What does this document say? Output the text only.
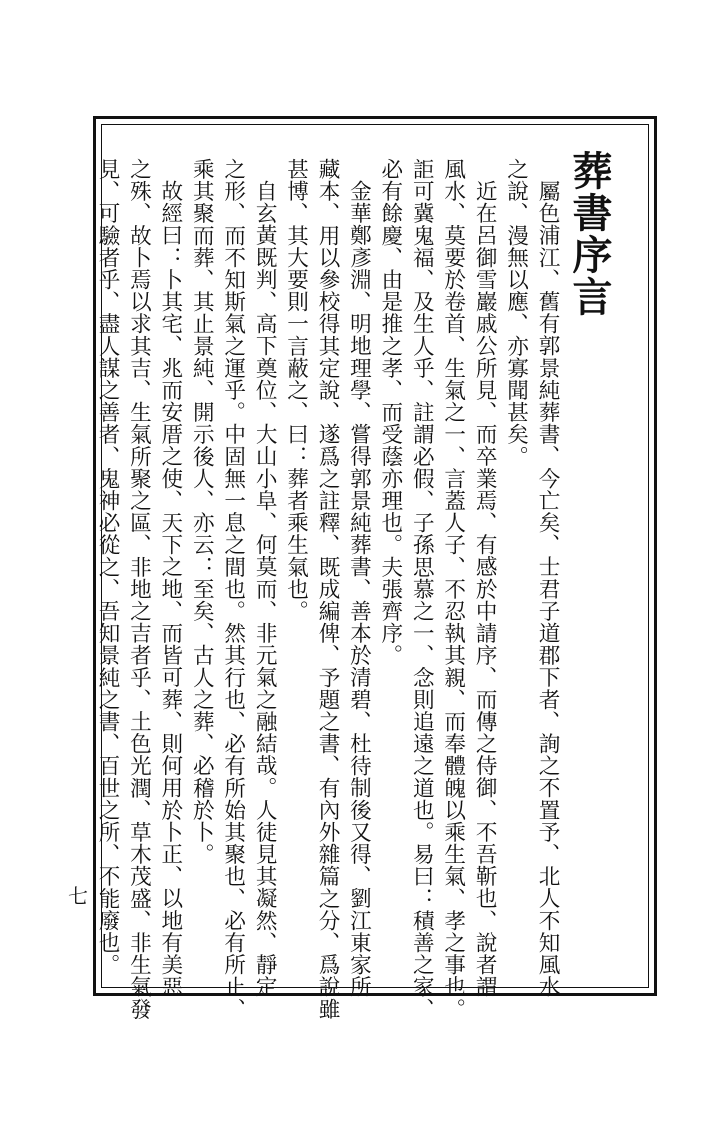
葬書序言
七	屬色浦江、舊有郭景純葬書、今亡矣、士君子道郡下者、詢之不置予、北人不知風水
之說、漫無以應、亦寡聞甚矣。
近在呂御雪巖戚公所見、而卒業焉、有感於中請序、而傳之侍御、不吾靳也、說者謂
風水、莫要於卷首、生氣之一、言蓋人子、不忍執其親、而奉體魄以乘生氣、孝之事也。
詎可冀鬼福、及生人乎、註謂必假、子孫思慕之一、念則追遠之道也。易曰：積善之家、
必有餘慶、由是推之孝、而受蔭亦理也。夫張齊序。
金華鄭彥淵、明地理學、嘗得郭景純葬書、善本於清碧、杜待制後又得、劉江東家所
藏本、用以參校得其定說、遂爲之註釋、既成編俾、予題之書、有內外雜篇之分、爲說雖
甚博、其大要則一言蔽之、曰：葬者乘生氣也。
自玄黃既判、高下奠位、大山小阜、何莫而、非元氣之融結哉。人徒見其凝然、靜定
之形、而不知斯氣之運乎。中固無一息之間也。然其行也、必有所始其聚也、必有所止、
乘其聚而葬、其止景純、開示後人、亦云：至矣、古人之葬、必稽於卜。
故經曰：卜其宅、兆而安厝之使、天下之地、而皆可葬、則何用於卜正、以地有美惡
之殊、故卜焉以求其吉、生氣所聚之區、非地之吉者乎、土色光潤、草木茂盛、非生氣發
見、可驗者乎、盡人謀之善者、鬼神必從之、吾知景純之書、百世之所、不能廢也。
